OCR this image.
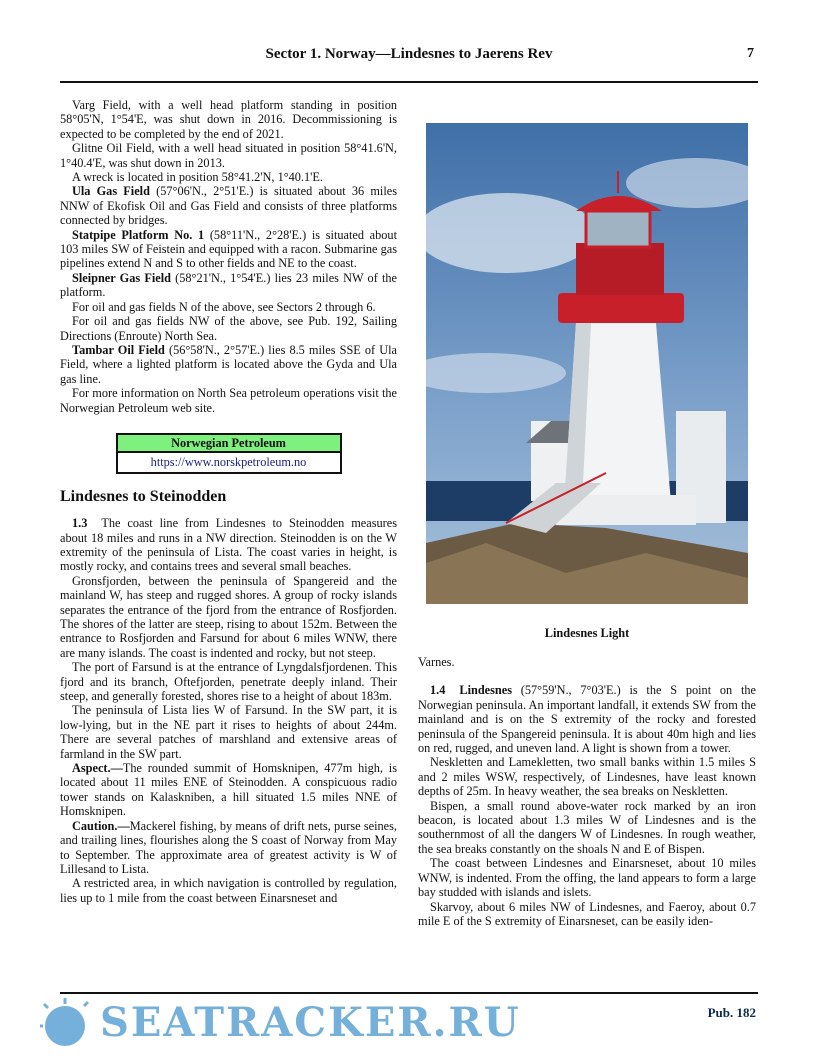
Sector 1. Norway—Lindesnes to Jaerens Rev	7

Varg Field, with a well head platform standing in position 58°05'N, 1°54'E, was shut down in 2016. Decommissioning is expected to be completed by the end of 2021.

Glitne Oil Field, with a well head situated in position 58°41.6'N, 1°40.4'E, was shut down in 2013.

A wreck is located in position 58°41.2'N, 1°40.1'E.

Ula Gas Field (57°06'N., 2°51'E.) is situated about 36 miles NNW of Ekofisk Oil and Gas Field and consists of three platforms connected by bridges.

Statpipe Platform No. 1 (58°11'N., 2°28'E.) is situated about 103 miles SW of Feistein and equipped with a racon. Submarine gas pipelines extend N and S to other fields and NE to the coast.

Sleipner Gas Field (58°21'N., 1°54'E.) lies 23 miles NW of the platform.

For oil and gas fields N of the above, see Sectors 2 through 6.

For oil and gas fields NW of the above, see Pub. 192, Sailing Directions (Enroute) North Sea.

Tambar Oil Field (56°58'N., 2°57'E.) lies 8.5 miles SSE of Ula Field, where a lighted platform is located above the Gyda and Ula gas line.

For more information on North Sea petroleum operations visit the Norwegian Petroleum web site.

Norwegian Petroleum
https://www.norskpetroleum.no
Lindesnes to Steinodden

1.3 The coast line from Lindesnes to Steinodden measures about 18 miles and runs in a NW direction. Steinodden is on the W extremity of the peninsula of Lista. The coast varies in height, is mostly rocky, and contains trees and several small beaches.

Gronsfjorden, between the peninsula of Spangereid and the mainland W, has steep and rugged shores. A group of rocky islands separates the entrance of the fjord from the entrance of Rosfjorden. The shores of the latter are steep, rising to about 152m. Between the entrance to Rosfjorden and Farsund for about 6 miles WNW, there are many islands. The coast is indented and rocky, but not steep.

The port of Farsund is at the entrance of Lyngdalsfjordenen. This fjord and its branch, Oftefjorden, penetrate deeply inland. Their steep, and generally forested, shores rise to a height of about 183m.

The peninsula of Lista lies W of Farsund. In the SW part, it is low-lying, but in the NE part it rises to heights of about 244m. There are several patches of marshland and extensive areas of farmland in the SW part.

Aspect.—The rounded summit of Homsknipen, 477m high, is located about 11 miles ENE of Steinodden. A conspicuous radio tower stands on Kalaskniben, a hill situated 1.5 miles NNE of Homsknipen.

Caution.—Mackerel fishing, by means of drift nets, purse seines, and trailing lines, flourishes along the S coast of Norway from May to September. The approximate area of greatest activity is W of Lillesand to Lista.

A restricted area, in which navigation is controlled by regulation, lies up to 1 mile from the coast between Einarsneset and

Lindesnes Light

Varnes.

1.4 Lindesnes (57°59'N., 7°03'E.) is the S point on the Norwegian peninsula. An important landfall, it extends SW from the mainland and is on the S extremity of the rocky and forested peninsula of the Spangereid peninsula. It is about 40m high and lies on red, rugged, and uneven land. A light is shown from a tower.

Neskletten and Lamekletten, two small banks within 1.5 miles S and 2 miles WSW, respectively, of Lindesnes, have least known depths of 25m. In heavy weather, the sea breaks on Neskletten.

Bispen, a small round above-water rock marked by an iron beacon, is located about 1.3 miles W of Lindesnes and is the southernmost of all the dangers W of Lindesnes. In rough weather, the sea breaks constantly on the shoals N and E of Bispen.

The coast between Lindesnes and Einarsneset, about 10 miles WNW, is indented. From the offing, the land appears to form a large bay studded with islands and islets.

Skarvoy, about 6 miles NW of Lindesnes, and Faeroy, about 0.7 mile E of the S extremity of Einarsneset, can be easily iden-

Pub. 182
SEATRACKER.RU
